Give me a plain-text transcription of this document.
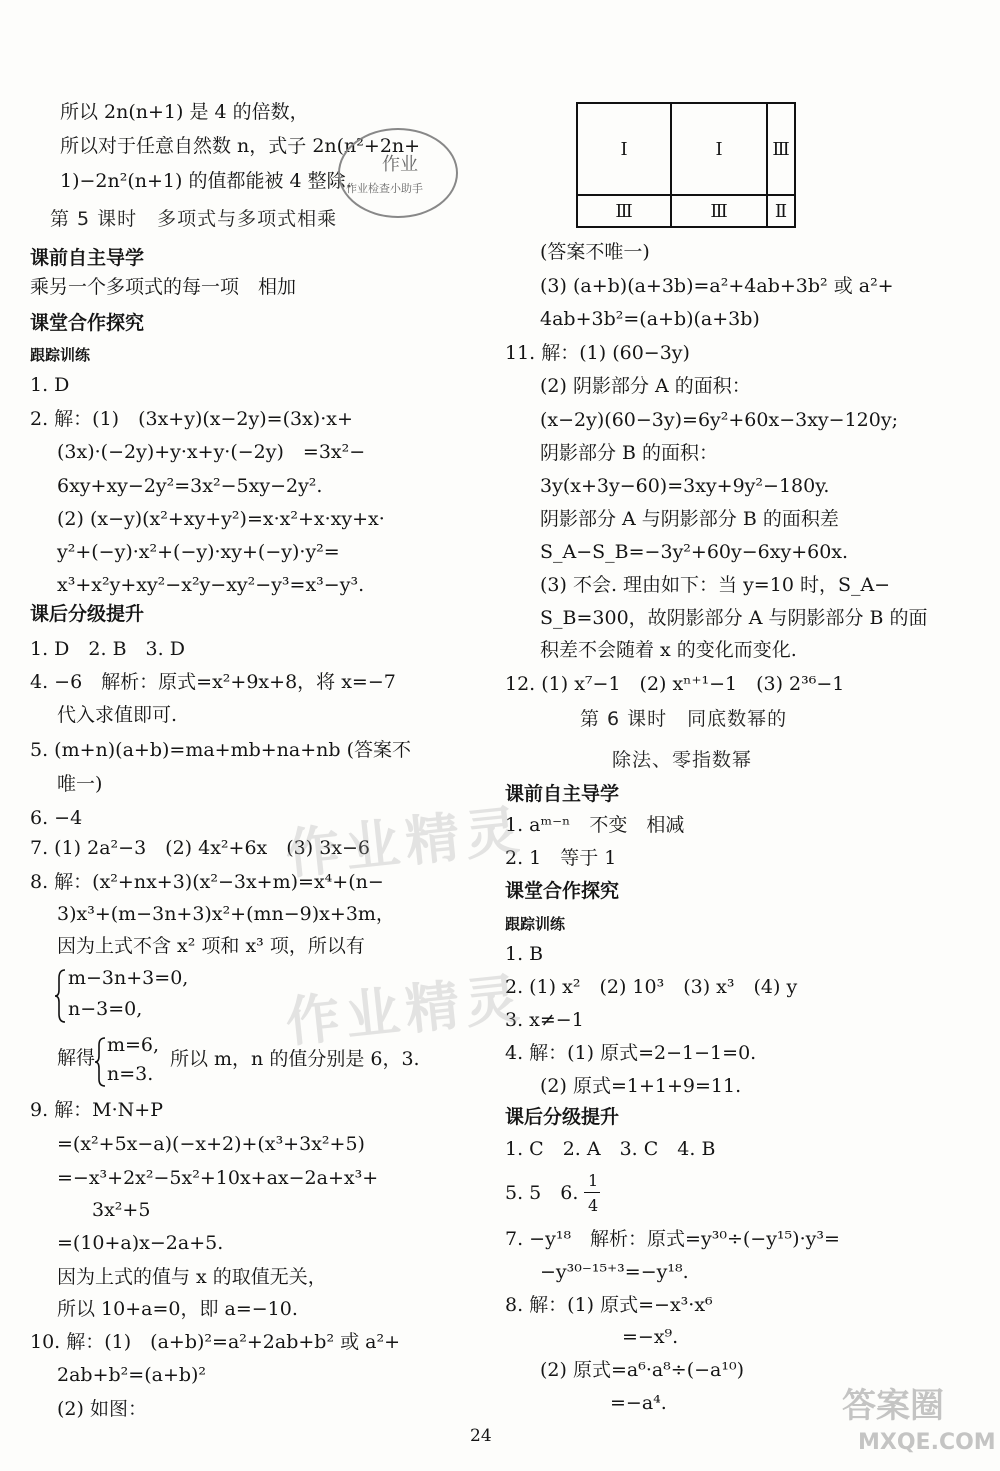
所以 2n(n+1) 是 4 的倍数，
所以对于任意自然数 n，式子 2n(n²+2n+
1)−2n²(n+1) 的值都能被 4 整除.
第 5 课时　多项式与多项式相乘
课前自主导学
乘另一个多项式的每一项　相加
课堂合作探究
跟踪训练
1. D
2. 解：(1)　(3x+y)(x−2y)=(3x)·x+
(3x)·(−2y)+y·x+y·(−2y)　=3x²−
6xy+xy−2y²=3x²−5xy−2y².
(2) (x−y)(x²+xy+y²)=x·x²+x·xy+x·
y²+(−y)·x²+(−y)·xy+(−y)·y²=
x³+x²y+xy²−x²y−xy²−y³=x³−y³.
课后分级提升
1. D　2. B　3. D
4. −6　解析：原式=x²+9x+8，将 x=−7
代入求值即可.
5. (m+n)(a+b)=ma+mb+na+nb (答案不
唯一)
6. −4
7. (1) 2a²−3　(2) 4x²+6x　(3) 3x−6
8. 解：(x²+nx+3)(x²−3x+m)=x⁴+(n−
3)x³+(m−3n+3)x²+(mn−9)x+3m，
因为上式不含 x² 项和 x³ 项，所以有
m−3n+3=0,
n−3=0,
解得
m=6,
n=3.
所以 m，n 的值分别是 6，3.
9. 解：M·N+P
=(x²+5x−a)(−x+2)+(x³+3x²+5)
=−x³+2x²−5x²+10x+ax−2a+x³+
3x²+5
=(10+a)x−2a+5.
因为上式的值与 x 的取值无关，
所以 10+a=0，即 a=−10.
10. 解：(1)　(a+b)²=a²+2ab+b² 或 a²+
2ab+b²=(a+b)²
(2) 如图：
作业
作业检查小助手
Ⅰ	Ⅰ	Ⅲ
Ⅲ	Ⅲ	Ⅱ
(答案不唯一)
(3) (a+b)(a+3b)=a²+4ab+3b² 或 a²+
4ab+3b²=(a+b)(a+3b)
11. 解：(1) (60−3y)
(2) 阴影部分 A 的面积：
(x−2y)(60−3y)=6y²+60x−3xy−120y;
阴影部分 B 的面积：
3y(x+3y−60)=3xy+9y²−180y.
阴影部分 A 与阴影部分 B 的面积差
S_A−S_B=−3y²+60y−6xy+60x.
(3) 不会. 理由如下：当 y=10 时，S_A−
S_B=300，故阴影部分 A 与阴影部分 B 的面
积差不会随着 x 的变化而变化.
12. (1) x⁷−1　(2) xⁿ⁺¹−1　(3) 2³⁶−1
第 6 课时　同底数幂的
除法、零指数幂
课前自主导学
1. aᵐ⁻ⁿ　不变　相减
2. 1　等于 1
课堂合作探究
跟踪训练
1. B
2. (1) x²　(2) 10³　(3) x³　(4) y
3. x≠−1
4. 解：(1) 原式=2−1−1=0.
(2) 原式=1+1+9=11.
课后分级提升
1. C　2. A　3. C　4. B
5. 5　6.
1
4
7. −y¹⁸　解析：原式=y³⁰÷(−y¹⁵)·y³=
−y³⁰⁻¹⁵⁺³=−y¹⁸.
8. 解：(1) 原式=−x³·x⁶
=−x⁹.
(2) 原式=a⁶·a⁸÷(−a¹⁰)
=−a⁴.
作业精灵
作业精灵
答案圈
MXQE.COM
24
